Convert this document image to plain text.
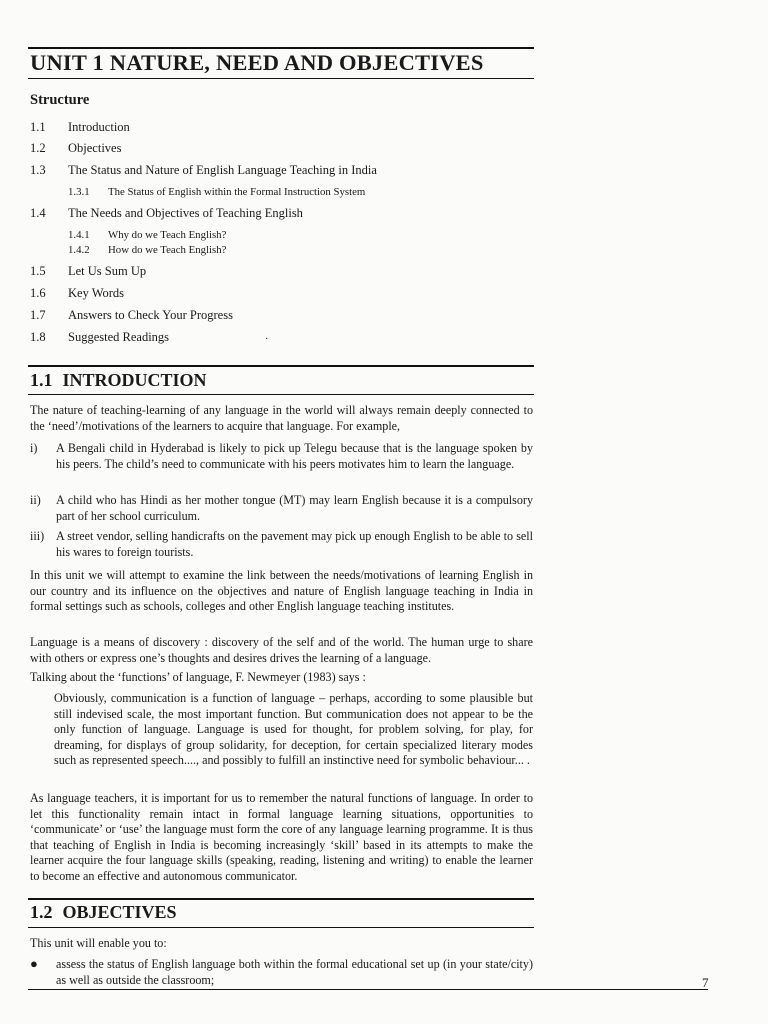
UNIT 1 NATURE, NEED AND OBJECTIVES
Structure
1.1 Introduction
1.2 Objectives
1.3 The Status and Nature of English Language Teaching in India
1.3.1 The Status of English within the Formal Instruction System
1.4 The Needs and Objectives of Teaching English
1.4.1 Why do we Teach English?
1.4.2 How do we Teach English?
1.5 Let Us Sum Up
1.6 Key Words
1.7 Answers to Check Your Progress
1.8 Suggested Readings	·
1.1 INTRODUCTION

The nature of teaching-learning of any language in the world will always remain deeply connected to the ‘need’/motivations of the learners to acquire that language. For example,

i) A Bengali child in Hyderabad is likely to pick up Telegu because that is the language spoken by his peers. The child’s need to communicate with his peers motivates him to learn the language.
ii) A child who has Hindi as her mother tongue (MT) may learn English because it is a compulsory part of her school curriculum.
iii) A street vendor, selling handicrafts on the pavement may pick up enough English to be able to sell his wares to foreign tourists.

In this unit we will attempt to examine the link between the needs/motivations of learning English in our country and its influence on the objectives and nature of English language teaching in India in formal settings such as schools, colleges and other English language teaching institutes.

Language is a means of discovery : discovery of the self and of the world. The human urge to share with others or express one’s thoughts and desires drives the learning of a language.

Talking about the ‘functions’ of language, F. Newmeyer (1983) says :

Obviously, communication is a function of language – perhaps, according to some plausible but still indevised scale, the most important function. But communication does not appear to be the only function of language. Language is used for thought, for problem solving, for play, for dreaming, for displays of group solidarity, for deception, for certain specialized literary modes such as represented speech...., and possibly to fulfill an instinctive need for symbolic behaviour... .

As language teachers, it is important for us to remember the natural functions of language. In order to let this functionality remain intact in formal language learning situations, opportunities to ‘communicate’ or ‘use’ the language must form the core of any language learning programme. It is thus that teaching of English in India is becoming increasingly ‘skill’ based in its attempts to make the learner acquire the four language skills (speaking, reading, listening and writing) to enable the learner to become an effective and autonomous communicator.

1.2 OBJECTIVES

This unit will enable you to:

● assess the status of English language both within the formal educational set up (in your state/city) as well as outside the classroom;	7
